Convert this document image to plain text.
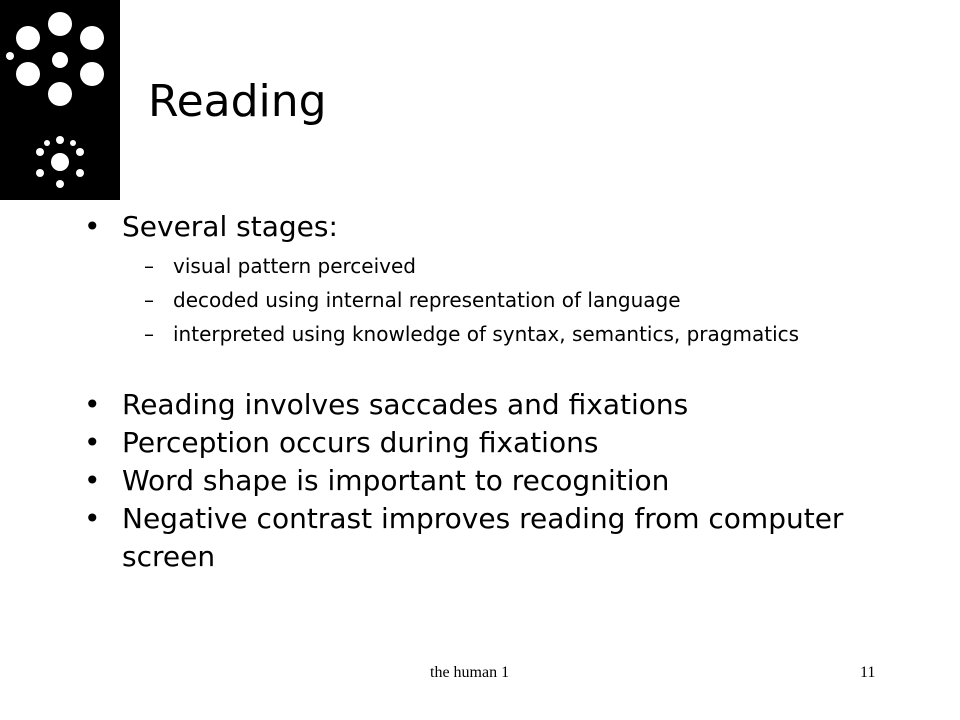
Reading
• Several stages:
– visual pattern perceived
– decoded using internal representation of language
– interpreted using knowledge of syntax, semantics, pragmatics
• Reading involves saccades and fixations
• Perception occurs during fixations
• Word shape is important to recognition
• Negative contrast improves reading from computer screen
the human 1	11
